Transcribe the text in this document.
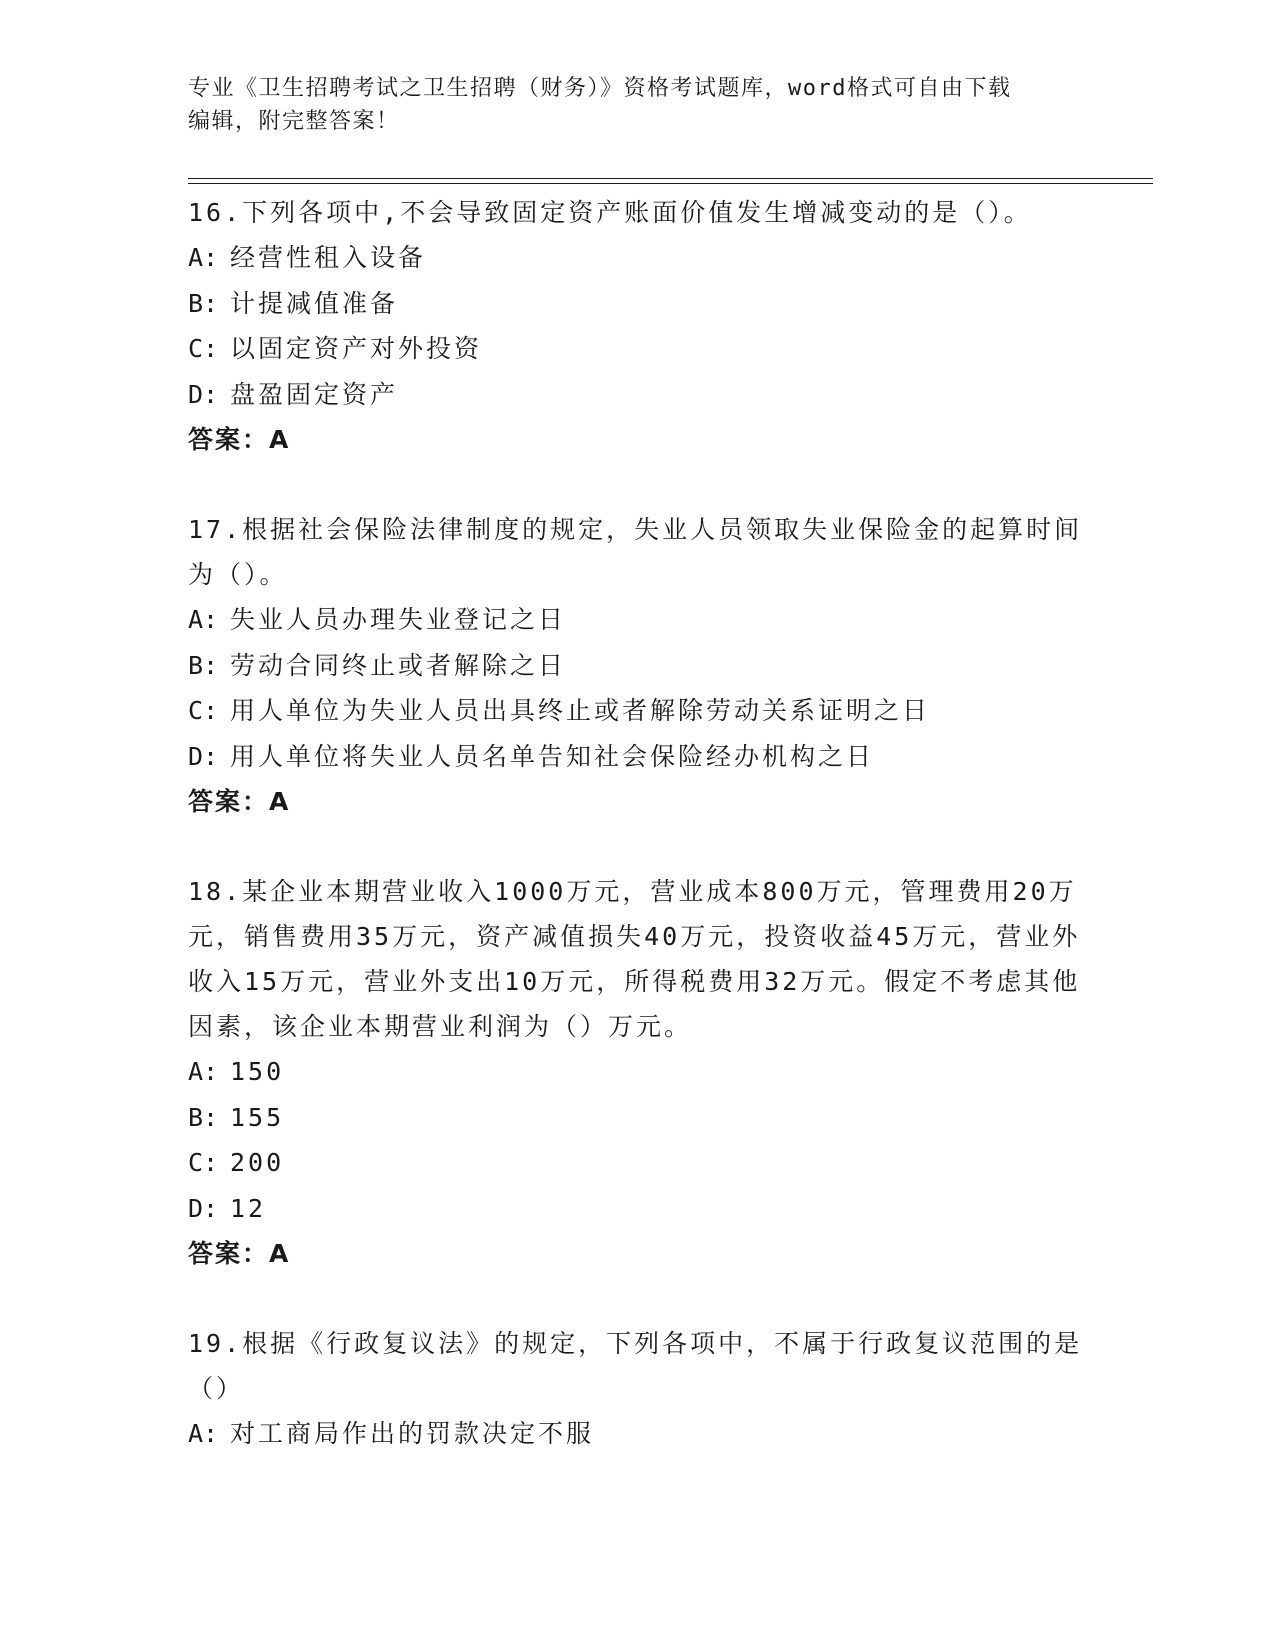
专业《卫生招聘考试之卫生招聘（财务）》资格考试题库，word格式可自由下载
编辑，附完整答案！

16.下列各项中,不会导致固定资产账面价值发生增减变动的是（）。

A: 经营性租入设备

B: 计提减值准备

C: 以固定资产对外投资

D: 盘盈固定资产

答案：A

17.根据社会保险法律制度的规定，失业人员领取失业保险金的起算时间为（）。

A: 失业人员办理失业登记之日

B: 劳动合同终止或者解除之日

C: 用人单位为失业人员出具终止或者解除劳动关系证明之日

D: 用人单位将失业人员名单告知社会保险经办机构之日

答案：A

18.某企业本期营业收入1000万元，营业成本800万元，管理费用20万元，销售费用35万元，资产减值损失40万元，投资收益45万元，营业外收入15万元，营业外支出10万元，所得税费用32万元。假定不考虑其他因素，该企业本期营业利润为（）万元。

A: 150

B: 155

C: 200

D: 12

答案：A

19.根据《行政复议法》的规定，下列各项中，不属于行政复议范围的是（）

A: 对工商局作出的罚款决定不服
